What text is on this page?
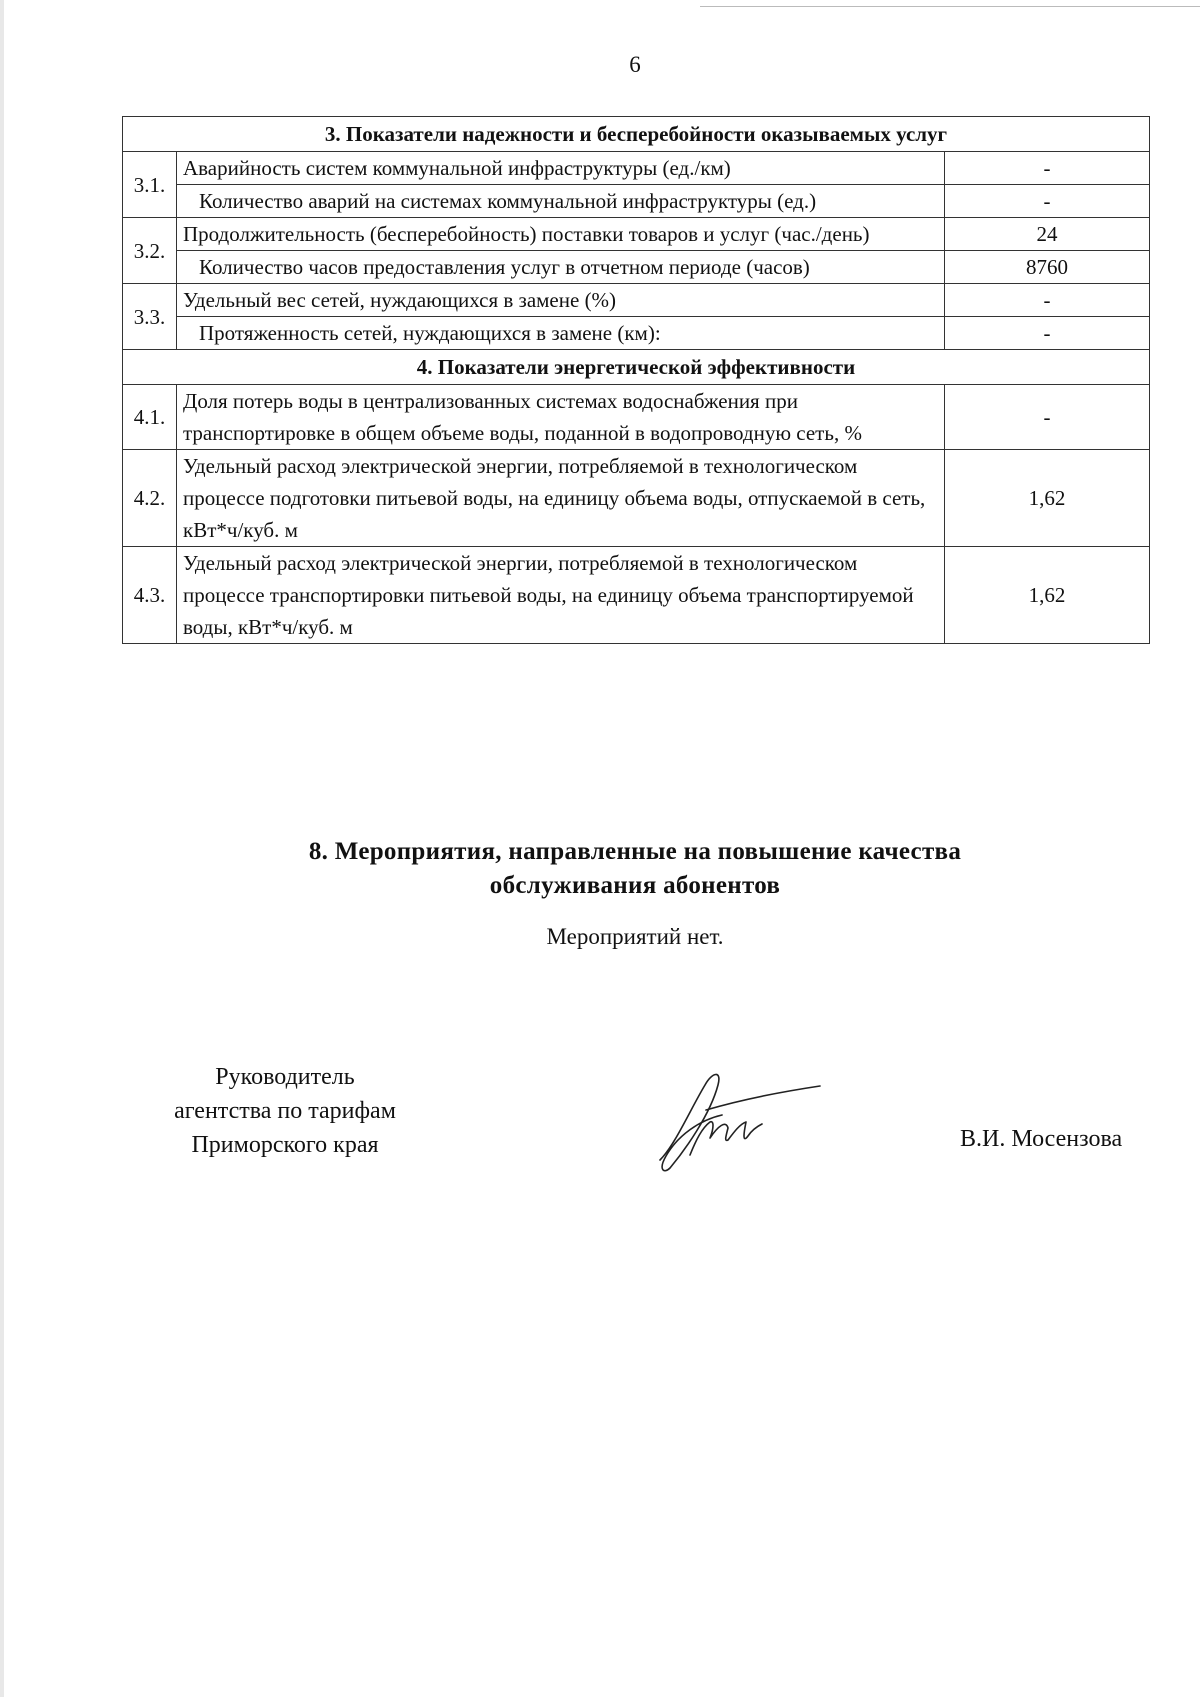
6
3. Показатели надежности и бесперебойности оказываемых услуг		
3.1.	Аварийность систем коммунальной инфраструктуры (ед./км)	-
	Количество аварий на системах коммунальной инфраструктуры (ед.)	-
3.2.	Продолжительность (бесперебойность) поставки товаров и услуг (час./день)	24
	Количество часов предоставления услуг в отчетном периоде (часов)	8760
3.3.	Удельный вес сетей, нуждающихся в замене (%)	-
	Протяженность сетей, нуждающихся в замене (км):	-
4. Показатели энергетической эффективности		
4.1.	Доля потерь воды в централизованных системах водоснабжения при транспортировке в общем объеме воды, поданной в водопроводную сеть, %	-
4.2.	Удельный расход электрической энергии, потребляемой в технологическом процессе подготовки питьевой воды, на единицу объема воды, отпускаемой в сеть, кВт*ч/куб. м	1,62
4.3.	Удельный расход электрической энергии, потребляемой в технологическом процессе транспортировки питьевой воды, на единицу объема транспортируемой воды, кВт*ч/куб. м	1,62
8. Мероприятия, направленные на повышение качества
обслуживания абонентов
Мероприятий нет.
Руководитель
агентства по тарифам
Приморского края	В.И. Мосензова
